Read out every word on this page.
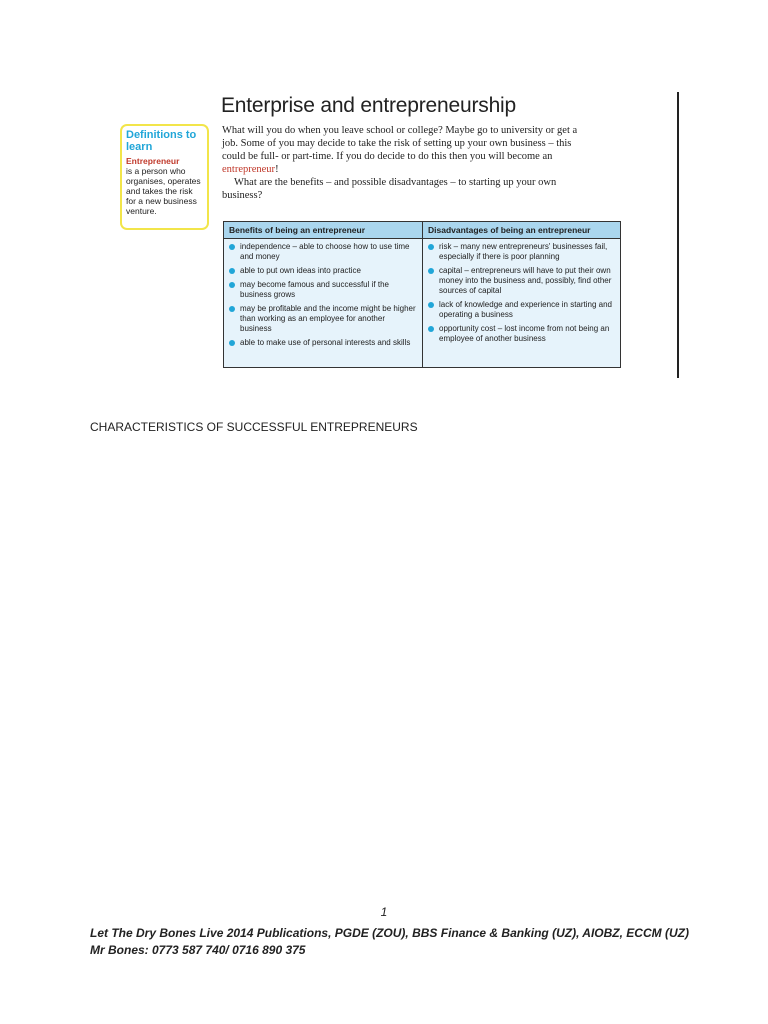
Enterprise and entrepreneurship
Definitions to learn
Entrepreneur
is a person who organises, operates and takes the risk for a new business venture.

What will you do when you leave school or college? Maybe go to university or get a job. Some of you may decide to take the risk of setting up your own business – this could be full- or part-time. If you do decide to do this then you will become an entrepreneur!

What are the benefits – and possible disadvantages – to starting up your own business?

Benefits of being an entrepreneur
independence – able to choose how to use time and money
able to put own ideas into practice
may become famous and successful if the business grows
may be profitable and the income might be higher than working as an employee for another business
able to make use of personal interests and skills
Disadvantages of being an entrepreneur
risk – many new entrepreneurs' businesses fail, especially if there is poor planning
capital – entrepreneurs will have to put their own money into the business and, possibly, find other sources of capital
lack of knowledge and experience in starting and operating a business
opportunity cost – lost income from not being an employee of another business
CHARACTERISTICS OF SUCCESSFUL ENTREPRENEURS
1
Let The Dry Bones Live 2014 Publications, PGDE (ZOU), BBS Finance & Banking (UZ), AIOBZ, ECCM (UZ)
Mr Bones: 0773 587 740/ 0716 890 375
